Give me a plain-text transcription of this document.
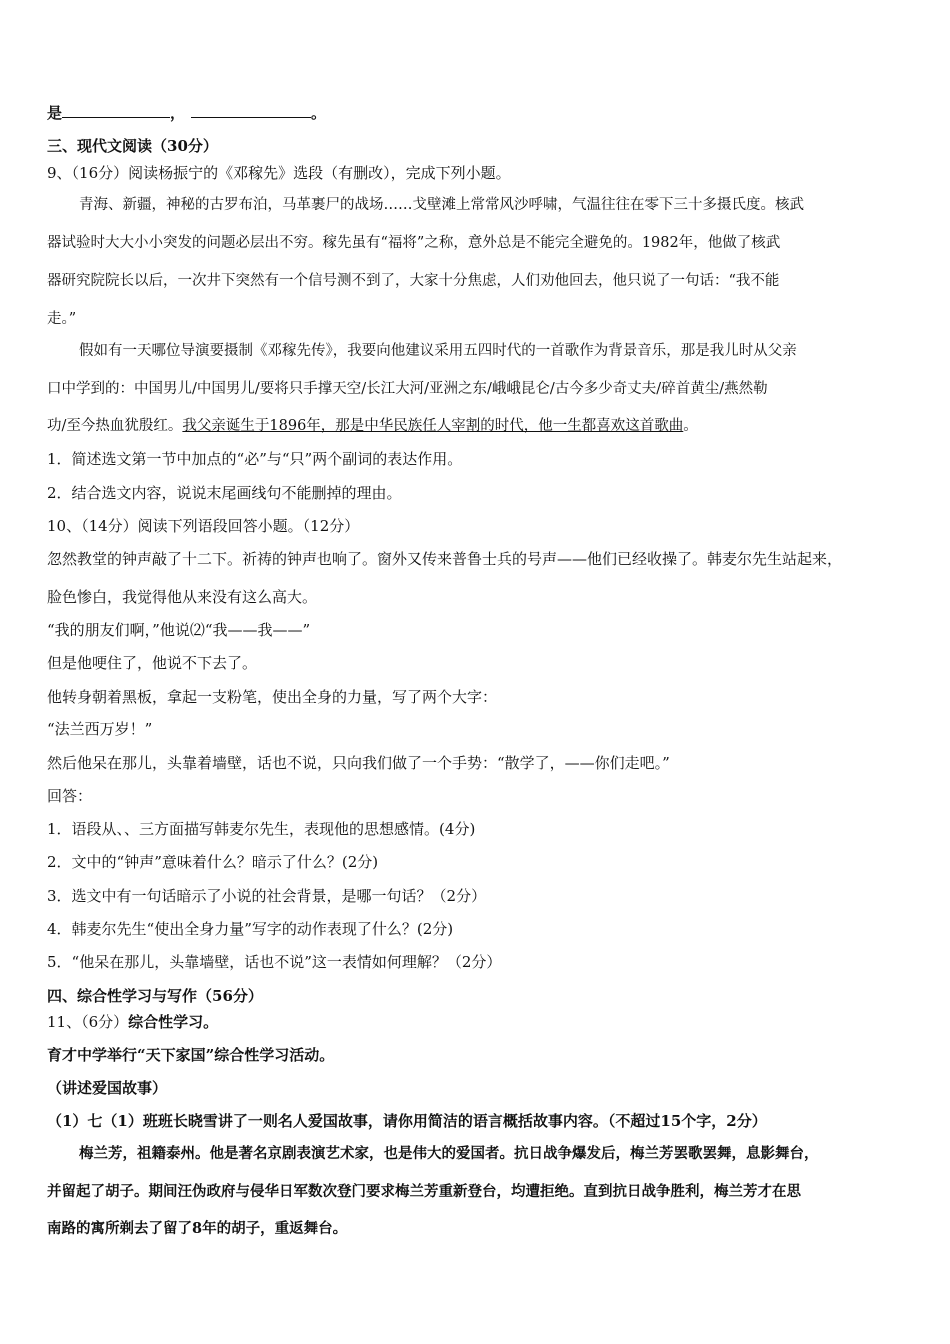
是	，	。
三、现代文阅读（30分）
9、（16分）阅读杨振宁的《邓稼先》选段（有删改），完成下列小题。
青海、新疆，神秘的古罗布泊，马革裹尸的战场……戈壁滩上常常风沙呼啸，气温往往在零下三十多摄氏度。核武
器试验时大大小小突发的问题必层出不穷。稼先虽有“福将”之称，意外总是不能完全避免的。1982年，他做了核武
器研究院院长以后，一次井下突然有一个信号测不到了，大家十分焦虑，人们劝他回去，他只说了一句话：“我不能
走。”
假如有一天哪位导演要摄制《邓稼先传》，我要向他建议采用五四时代的一首歌作为背景音乐，那是我儿时从父亲
口中学到的：中国男儿/中国男儿/要将只手撑天空/长江大河/亚洲之东/峨峨昆仑/古今多少奇丈夫/碎首黄尘/燕然勒
功/至今热血犹殷红。我父亲诞生于1896年，那是中华民族任人宰割的时代，他一生都喜欢这首歌曲。
1．简述选文第一节中加点的“必”与“只”两个副词的表达作用。
2．结合选文内容，说说末尾画线句不能删掉的理由。
10、（14分）阅读下列语段回答小题。（12分）
忽然教堂的钟声敲了十二下。祈祷的钟声也响了。窗外又传来普鲁士兵的号声——他们已经收操了。韩麦尔先生站起来，
脸色惨白，我觉得他从来没有这么高大。
“我的朋友们啊，”他说⑵“我——我——”
但是他哽住了，他说不下去了。
他转身朝着黑板，拿起一支粉笔，使出全身的力量，写了两个大字：
“法兰西万岁！”
然后他呆在那儿，头靠着墙壁，话也不说，只向我们做了一个手势：“散学了，——你们走吧。”
回答：
1．语段从、、三方面描写韩麦尔先生，表现他的思想感情。(4分)
2．文中的“钟声”意味着什么？暗示了什么？(2分)
3．选文中有一句话暗示了小说的社会背景，是哪一句话？（2分）
4．韩麦尔先生“使出全身力量”写字的动作表现了什么？(2分)
5．“他呆在那儿，头靠墙壁，话也不说”这一表情如何理解？（2分）
四、综合性学习与写作（56分）
11、（6分）综合性学习。
育才中学举行“天下家国”综合性学习活动。
（讲述爱国故事）
（1）七（1）班班长晓雪讲了一则名人爱国故事，请你用简洁的语言概括故事内容。（不超过15个字，2分）
梅兰芳，祖籍泰州。他是著名京剧表演艺术家，也是伟大的爱国者。抗日战争爆发后，梅兰芳罢歌罢舞，息影舞台，
并留起了胡子。期间汪伪政府与侵华日军数次登门要求梅兰芳重新登台，均遭拒绝。直到抗日战争胜利，梅兰芳才在思
南路的寓所剃去了留了8年的胡子，重返舞台。
